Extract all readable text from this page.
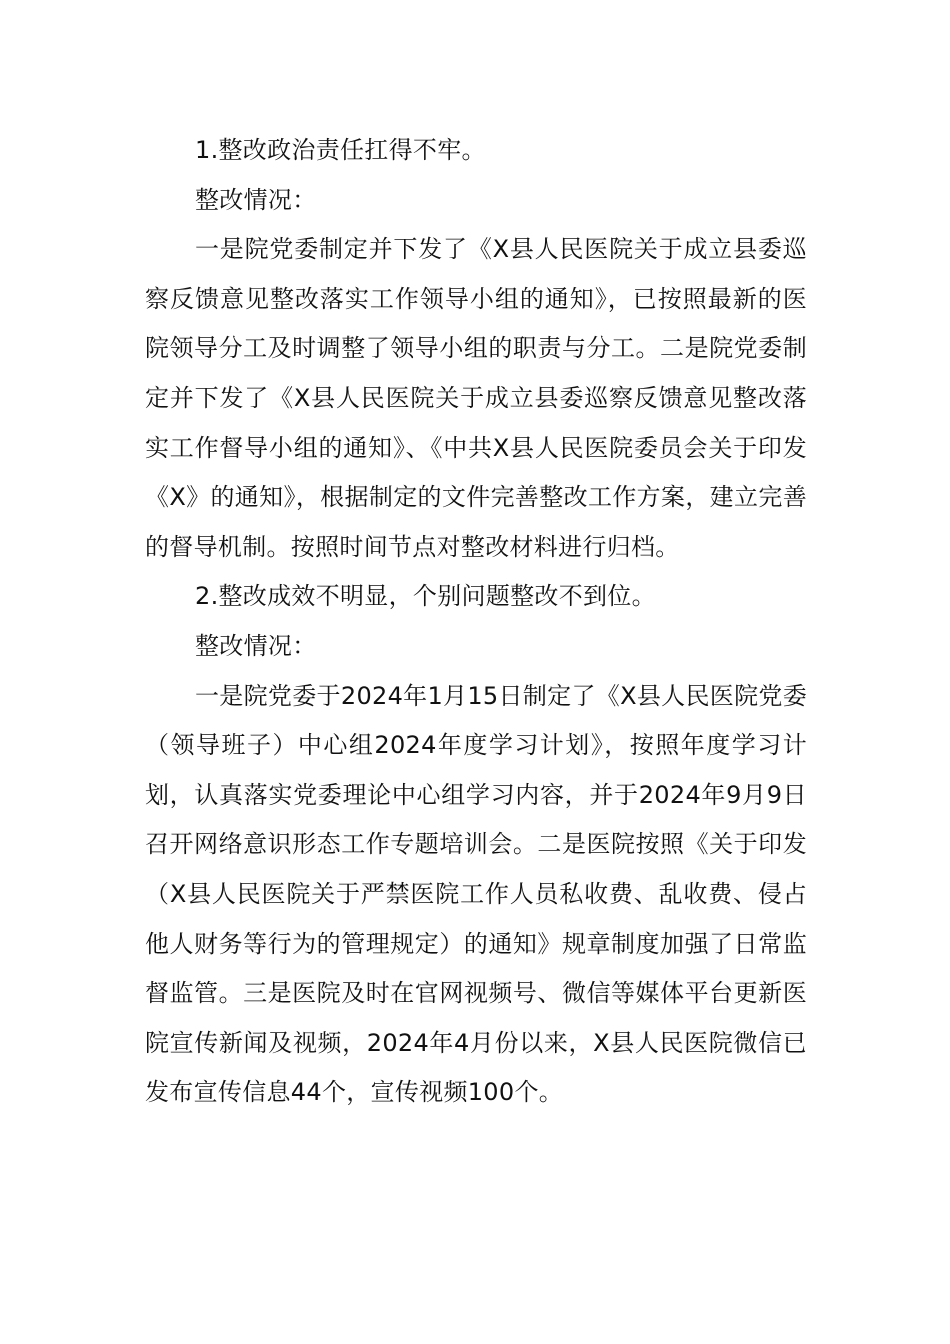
1.整改政治责任扛得不牢。

整改情况：

一是院党委制定并下发了《X县人民医院关于成立县委巡察反馈意见整改落实工作领导小组的通知》，已按照最新的医院领导分工及时调整了领导小组的职责与分工。二是院党委制定并下发了《X县人民医院关于成立县委巡察反馈意见整改落实工作督导小组的通知》、《中共X县人民医院委员会关于印发《X》的通知》，根据制定的文件完善整改工作方案，建立完善的督导机制。按照时间节点对整改材料进行归档。

2.整改成效不明显，个别问题整改不到位。

整改情况：

一是院党委于2024年1月15日制定了《X县人民医院党委（领导班子）中心组2024年度学习计划》，按照年度学习计划，认真落实党委理论中心组学习内容，并于2024年9月9日召开网络意识形态工作专题培训会。二是医院按照《关于印发（X县人民医院关于严禁医院工作人员私收费、乱收费、侵占他人财务等行为的管理规定）的通知》规章制度加强了日常监督监管。三是医院及时在官网视频号、微信等媒体平台更新医院宣传新闻及视频，2024年4月份以来，X县人民医院微信已发布宣传信息44个，宣传视频100个。
